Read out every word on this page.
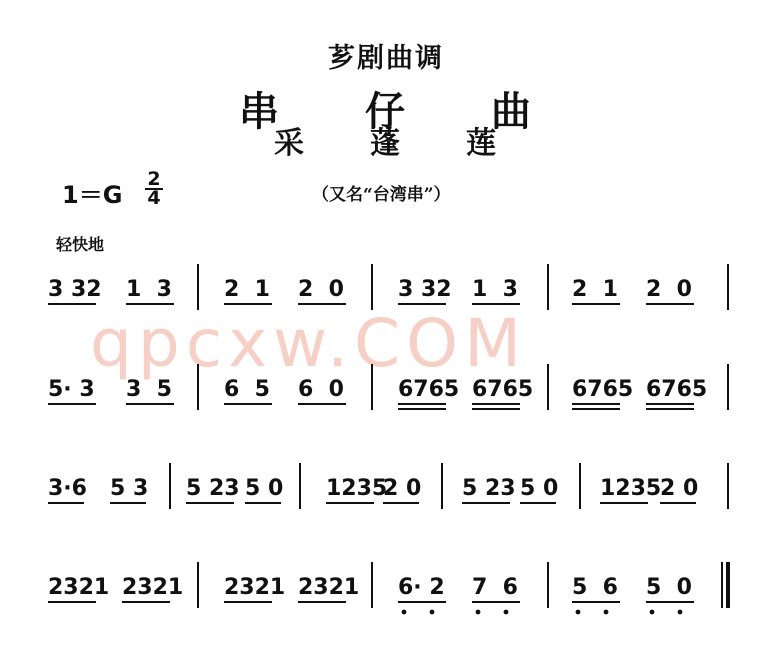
芗剧曲调
串　　仔　　曲
采　　蓬　　莲
$1=G \frac{2}{4}$	（又名“台湾串”）
轻快地
qpcxw.COM
3 32 1  3 2  1 2  0 3 32 1  3 2  1 2  0
5· 3 3  5 6  5 6  0 6765 6765 6765 6765
3·6 5 3 5 23 5 0 1235
2 0 5 23 5 0 1235
2 0
2321 2321 2321 2321 6· 2 7  6 5  6 5  0
